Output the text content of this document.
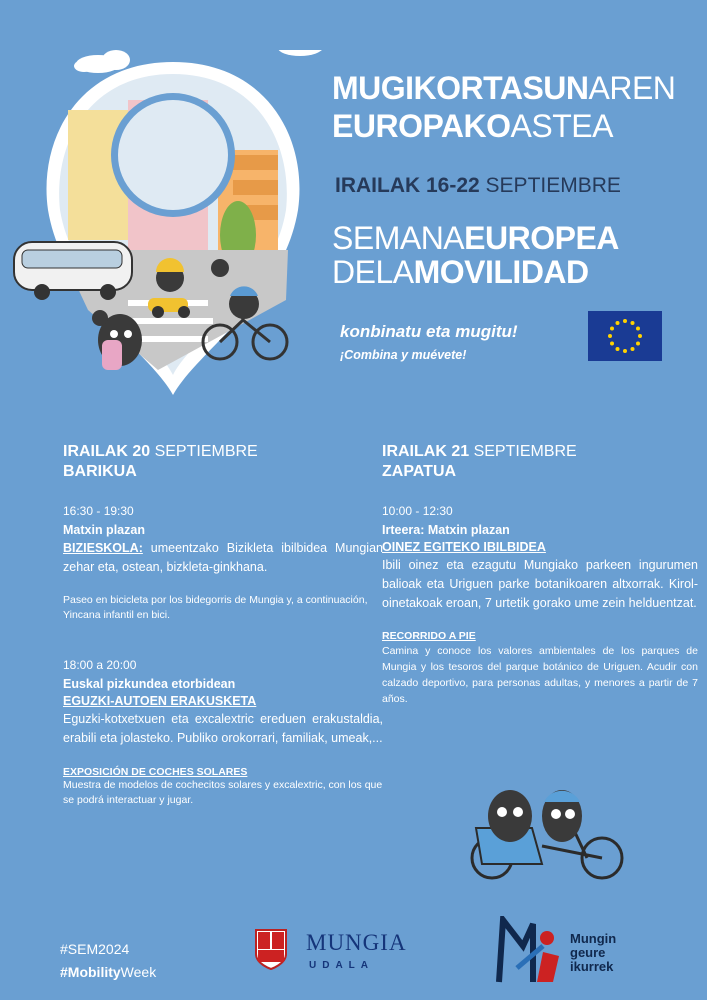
MUGIKORTASUNAREN
EUROPAKOASTEA
IRAILAK 16-22 SEPTIEMBRE
SEMANAEUROPEA
DELAMOVILIDAD
konbinatu eta mugitu!
¡Combina y muévete!
IRAILAK 20 SEPTIEMBRE
BARIKUA
16:30 - 19:30
Matxin plazan
BIZIESKOLA: umeentzako Bizikleta ibilbidea Mungian zehar eta, ostean, bizkleta-ginkhana.
Paseo en bicicleta por los bidegorris de Mungia y, a continuación, Yincana infantil en bici.
18:00 a 20:00
Euskal pizkundea etorbidean
EGUZKI-AUTOEN ERAKUSKETA
Eguzki-kotxetxuen eta excalextric ereduen erakustaldia, erabili eta jolasteko. Publiko orokorrari, familiak, umeak,...
EXPOSICIÓN DE COCHES SOLARES
Muestra de modelos de cochecitos solares y excalextric, con los que se podrá interactuar y jugar.
IRAILAK 21 SEPTIEMBRE
ZAPATUA
10:00 - 12:30
Irteera: Matxin plazan
OINEZ EGITEKO IBILBIDEA
Ibili oinez eta ezagutu Mungiako parkeen ingurumen balioak eta Uriguen parke botanikoaren altxorrak. Kirol-oinetakoak eroan, 7 urtetik gorako ume zein helduentzat.
RECORRIDO A PIE
Camina y conoce los valores ambientales de los parques de Mungia y los tesoros del parque botánico de Uriguen. Acudir con calzado deportivo, para personas adultas, y menores a partir de 7 años.
#SEM2024
#MobilityWeek
MUNGIA
UDALA
Mungin
geure
ikurrek
